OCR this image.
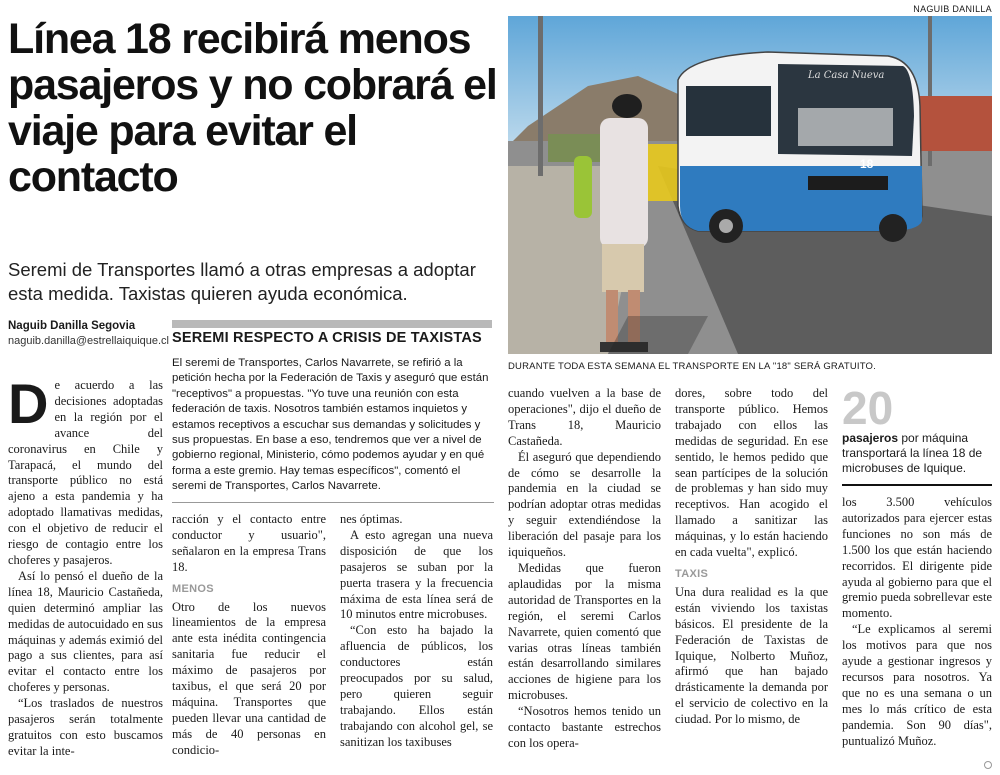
Línea 18 recibirá menos pasajeros y no cobrará el viaje para evitar el contacto
Seremi de Transportes llamó a otras empresas a adoptar esta medida. Taxistas quieren ayuda económica.
Naguib Danilla Segovia
naguib.danilla@estrellaiquique.cl SEREMI RESPECTO A CRISIS DE TAXISTAS
El seremi de Transportes, Carlos Navarrete, se refirió a la petición hecha por la Federación de Taxis y aseguró que están "receptivos" a propuestas. "Yo tuve una reunión con esta federación de taxis. Nosotros también estamos inquietos y estamos receptivos a escuchar sus demandas y solicitudes y sus propuestas. En base a eso, tendremos que ver a nivel de gobierno regional, Ministerio, cómo podemos ayudar y en qué forma a este gremio. Hay temas específicos", comentó el seremi de Transportes, Carlos Navarrete.
NAGUIB DANILLA
La Casa Nueva
18
DURANTE TODA ESTA SEMANA EL TRANSPORTE EN LA "18" SERÁ GRATUITO.
20
pasajeros por máquina transportará la línea 18 de microbuses de Iquique.

De acuerdo a las decisiones adoptadas en la región por el avance del coronavirus en Chile y Tarapacá, el mundo del transporte público no está ajeno a esta pandemia y ha adoptado llamativas medidas, con el objetivo de reducir el riesgo de contagio entre los choferes y pasajeros.

Así lo pensó el dueño de la línea 18, Mauricio Castañeda, quien determinó ampliar las medidas de autocuidado en sus máquinas y además eximió del pago a sus clientes, para así evitar el contacto entre los choferes y personas.

“Los traslados de nuestros pasajeros serán totalmente gratuitos con esto buscamos evitar la inte-

racción y el contacto entre conductor y usuario", señalaron en la empresa Trans 18.

MENOS

Otro de los nuevos lineamientos de la empresa ante esta inédita contingencia sanitaria fue reducir el máximo de pasajeros por taxibus, el que será 20 por máquina. Transportes que pueden llevar una cantidad de más de 40 personas en condicio-

nes óptimas.

A esto agregan una nueva disposición de que los pasajeros se suban por la puerta trasera y la frecuencia máxima de esta línea será de 10 minutos entre microbuses.

“Con esto ha bajado la afluencia de públicos, los conductores están preocupados por su salud, pero quieren seguir trabajando. Ellos están trabajando con alcohol gel, se sanitizan los taxibuses

cuando vuelven a la base de operaciones", dijo el dueño de Trans 18, Mauricio Castañeda.

Él aseguró que dependiendo de cómo se desarrolle la pandemia en la ciudad se podrían adoptar otras medidas y seguir extendiéndose la liberación del pasaje para los iquiqueños.

Medidas que fueron aplaudidas por la misma autoridad de Transportes en la región, el seremi Carlos Navarrete, quien comentó que varias otras líneas también están desarrollando similares acciones de higiene para los microbuses.

“Nosotros hemos tenido un contacto bastante estrechos con los opera-

dores, sobre todo del transporte público. Hemos trabajado con ellos las medidas de seguridad. En ese sentido, le hemos pedido que sean partícipes de la solución de problemas y han sido muy receptivos. Han acogido el llamado a sanitizar las máquinas, y lo están haciendo en cada vuelta", explicó.

TAXIS

Una dura realidad es la que están viviendo los taxistas básicos. El presidente de la Federación de Taxistas de Iquique, Nolberto Muñoz, afirmó que han bajado drásticamente la demanda por el servicio de colectivo en la ciudad. Por lo mismo, de

los 3.500 vehículos autorizados para ejercer estas funciones no son más de 1.500 los que están haciendo recorridos. El dirigente pide ayuda al gobierno para que el gremio pueda sobrellevar este momento.

“Le explicamos al seremi los motivos para que nos ayude a gestionar ingresos y recursos para nosotros. Ya que no es una semana o un mes lo más crítico de esta pandemia. Son 90 días", puntualizó Muñoz.
